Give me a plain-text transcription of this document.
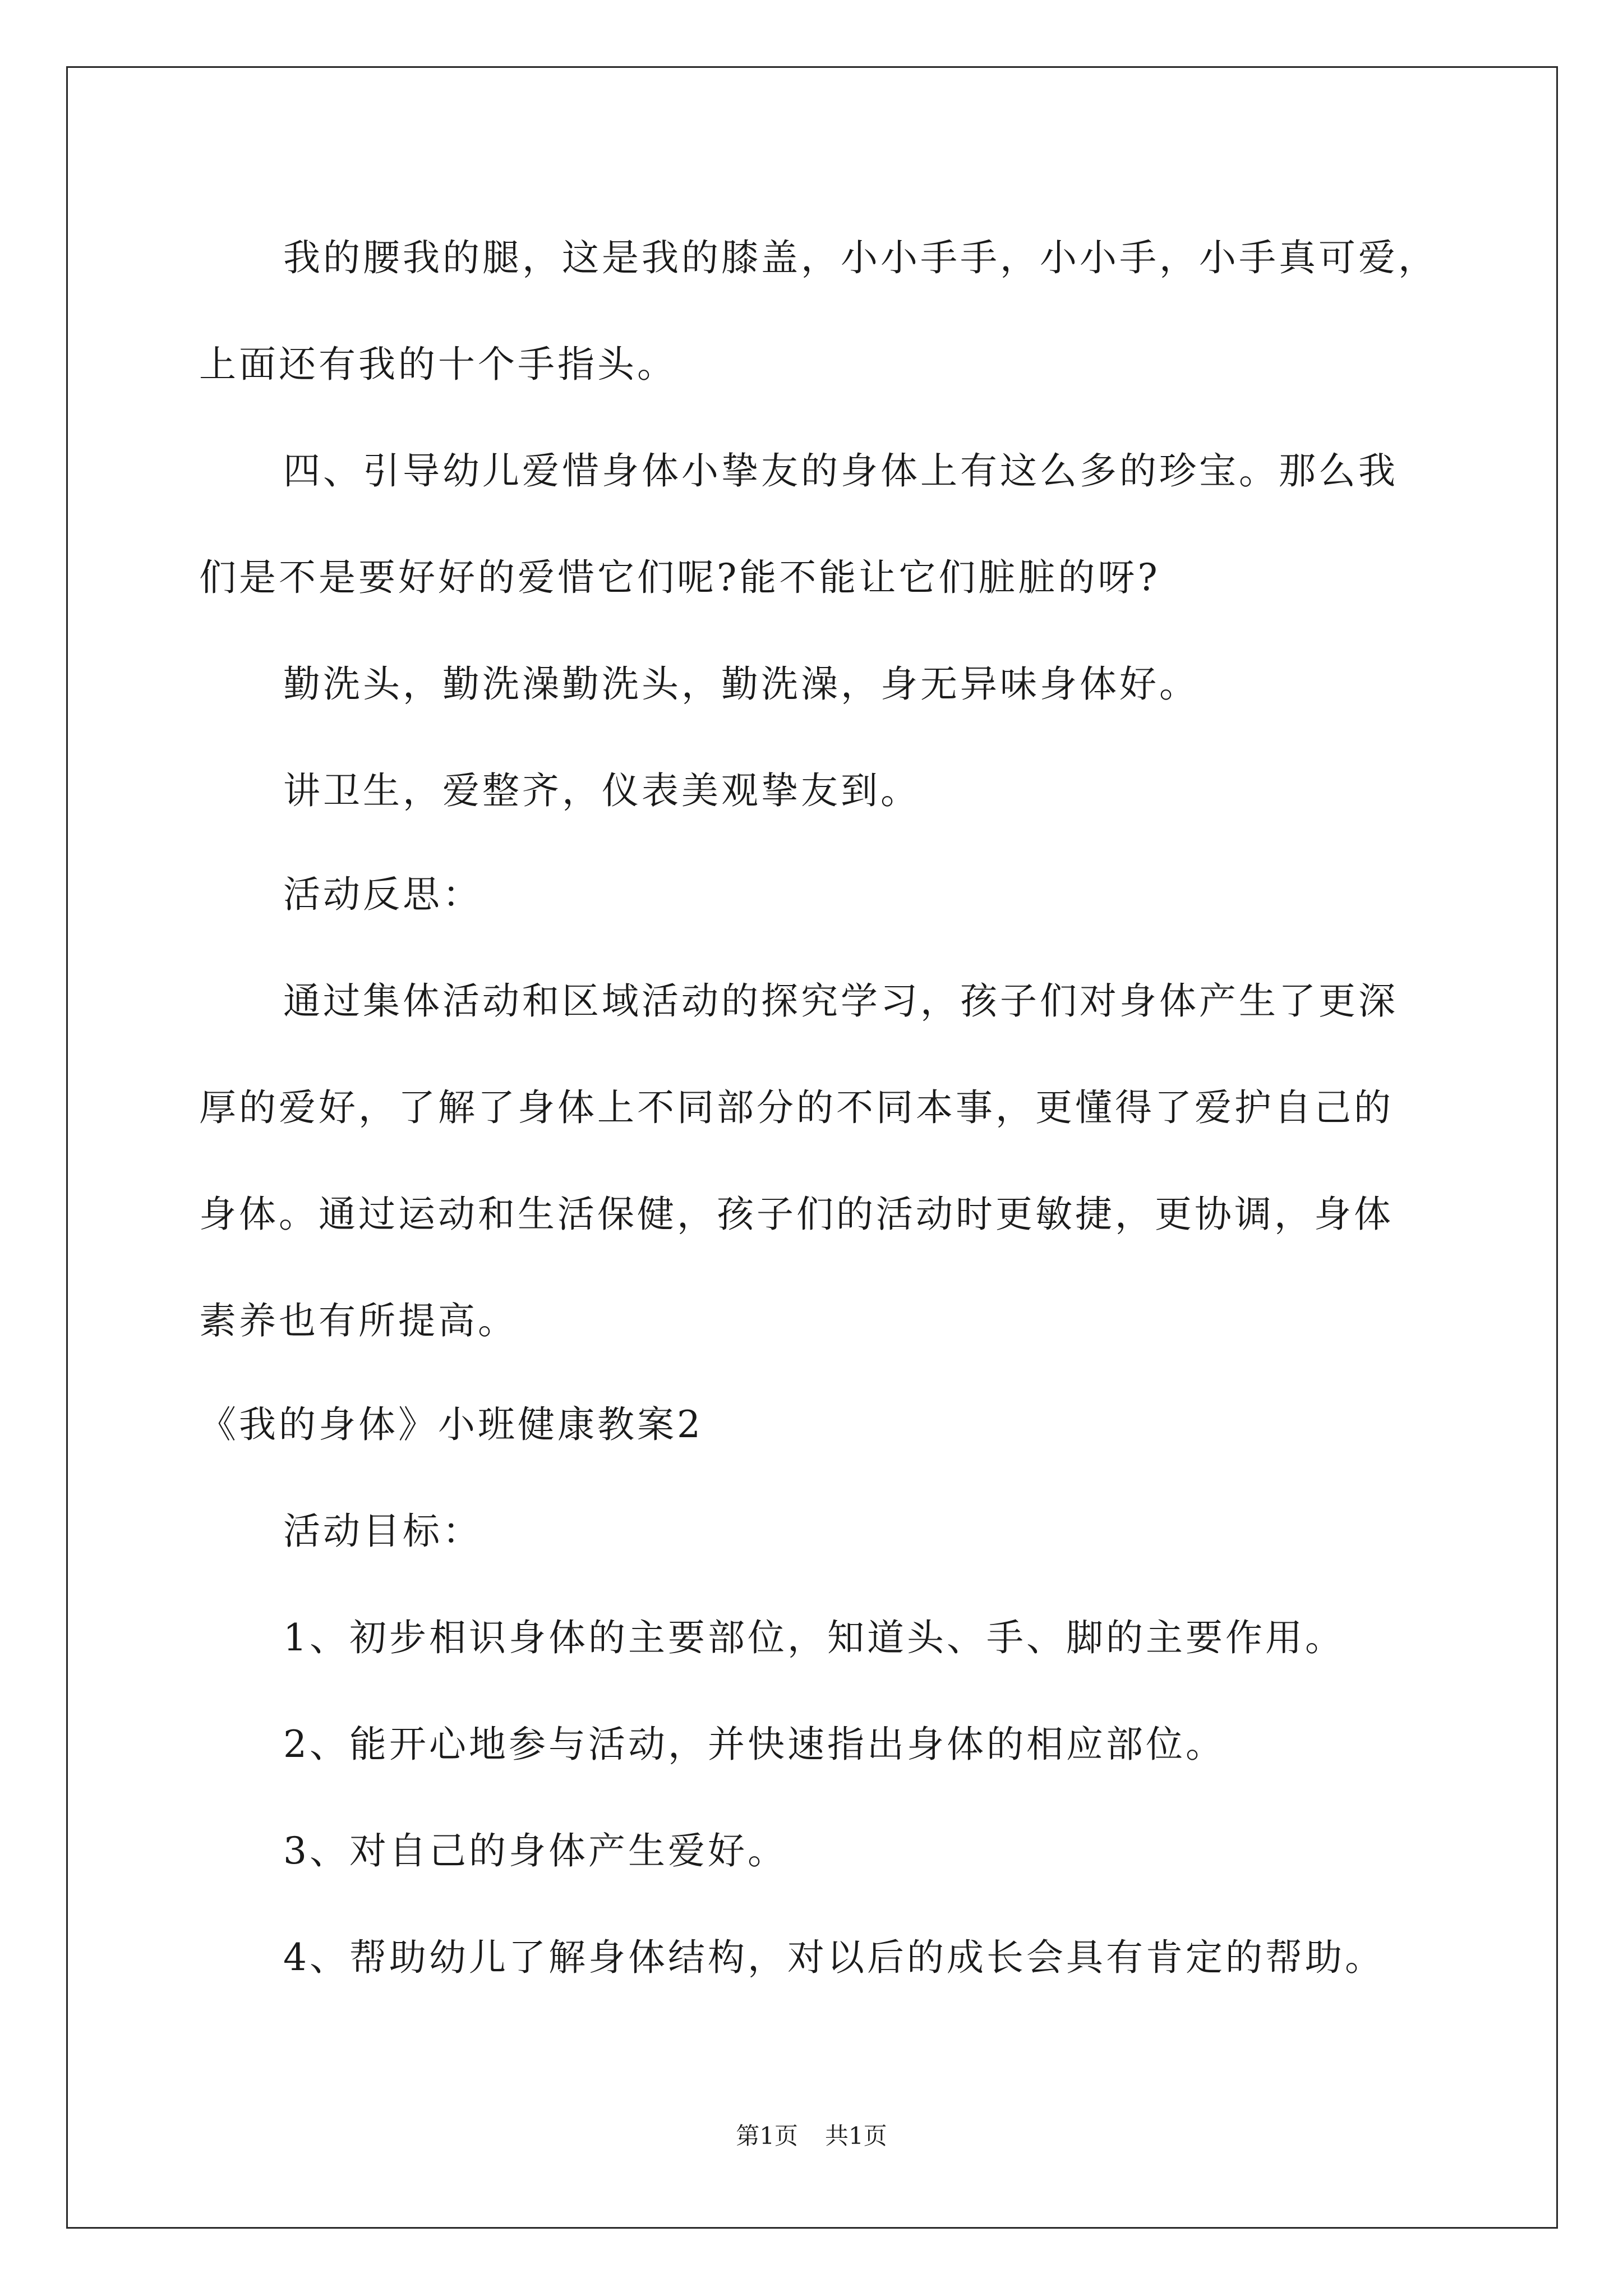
我的腰我的腿，这是我的膝盖，小小手手，小小手，小手真可爱，
上面还有我的十个手指头。
四、引导幼儿爱惜身体小挚友的身体上有这么多的珍宝。那么我
们是不是要好好的爱惜它们呢?能不能让它们脏脏的呀?
勤洗头，勤洗澡勤洗头，勤洗澡，身无异味身体好。
讲卫生，爱整齐，仪表美观挚友到。
活动反思：
通过集体活动和区域活动的探究学习，孩子们对身体产生了更深
厚的爱好，了解了身体上不同部分的不同本事，更懂得了爱护自己的
身体。通过运动和生活保健，孩子们的活动时更敏捷，更协调，身体
素养也有所提高。
《我的身体》小班健康教案2
活动目标：
1、初步相识身体的主要部位，知道头、手、脚的主要作用。
2、能开心地参与活动，并快速指出身体的相应部位。
3、对自己的身体产生爱好。
4、帮助幼儿了解身体结构，对以后的成长会具有肯定的帮助。
第1页 共1页
